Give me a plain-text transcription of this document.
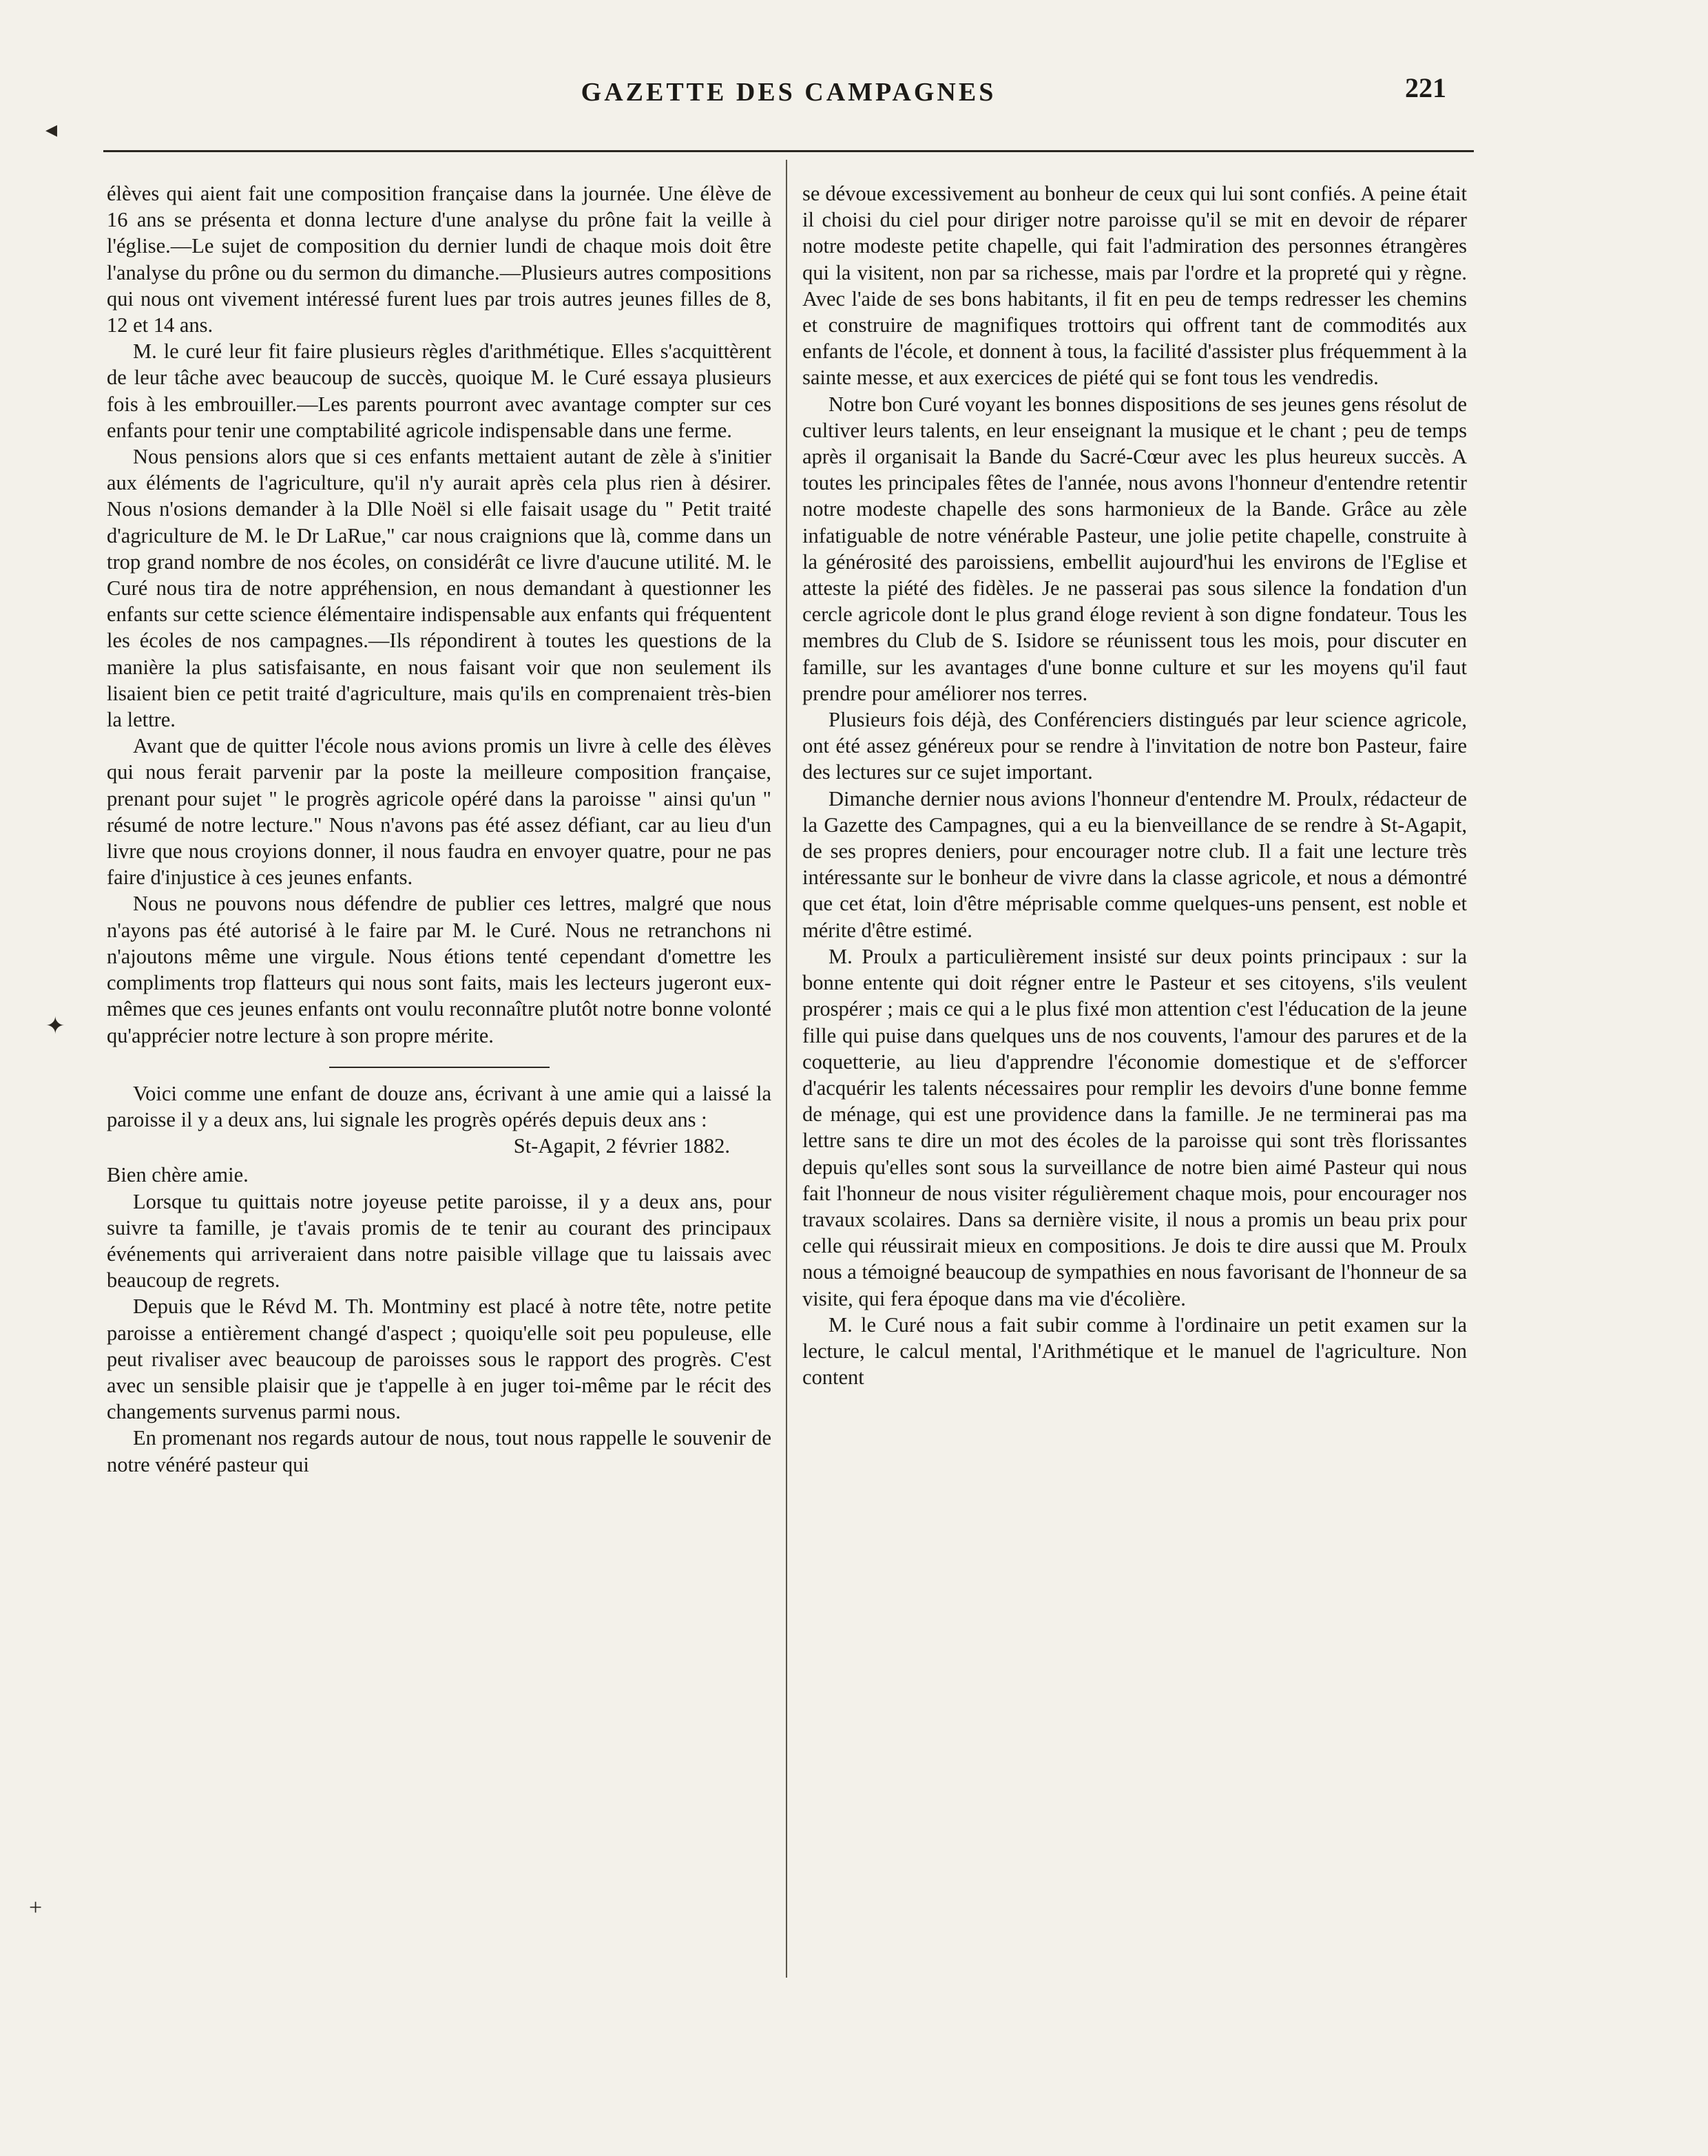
GAZETTE DES CAMPAGNES	221
◂
✦
+

élèves qui aient fait une composition française dans la journée. Une élève de 16 ans se présenta et donna lecture d'une analyse du prône fait la veille à l'église.—Le sujet de composition du dernier lundi de chaque mois doit être l'analyse du prône ou du sermon du dimanche.—Plusieurs autres compositions qui nous ont vivement intéressé furent lues par trois autres jeunes filles de 8, 12 et 14 ans.

M. le curé leur fit faire plusieurs règles d'arithmétique. Elles s'acquittèrent de leur tâche avec beaucoup de succès, quoique M. le Curé essaya plusieurs fois à les embrouiller.—Les parents pourront avec avantage compter sur ces enfants pour tenir une comptabilité agricole indispensable dans une ferme.

Nous pensions alors que si ces enfants mettaient autant de zèle à s'initier aux éléments de l'agriculture, qu'il n'y aurait après cela plus rien à désirer. Nous n'osions demander à la Dlle Noël si elle faisait usage du " Petit traité d'agriculture de M. le Dr LaRue," car nous craignions que là, comme dans un trop grand nombre de nos écoles, on considérât ce livre d'aucune utilité. M. le Curé nous tira de notre appréhension, en nous demandant à questionner les enfants sur cette science élémentaire indispensable aux enfants qui fréquentent les écoles de nos campagnes.—Ils répondirent à toutes les questions de la manière la plus satisfaisante, en nous faisant voir que non seulement ils lisaient bien ce petit traité d'agriculture, mais qu'ils en comprenaient très-bien la lettre.

Avant que de quitter l'école nous avions promis un livre à celle des élèves qui nous ferait parvenir par la poste la meilleure composition française, prenant pour sujet " le progrès agricole opéré dans la paroisse " ainsi qu'un " résumé de notre lecture." Nous n'avons pas été assez défiant, car au lieu d'un livre que nous croyions donner, il nous faudra en envoyer quatre, pour ne pas faire d'injustice à ces jeunes enfants.

Nous ne pouvons nous défendre de publier ces lettres, malgré que nous n'ayons pas été autorisé à le faire par M. le Curé. Nous ne retranchons ni n'ajoutons même une virgule. Nous étions tenté cependant d'omettre les compliments trop flatteurs qui nous sont faits, mais les lecteurs jugeront eux-mêmes que ces jeunes enfants ont voulu reconnaître plutôt notre bonne volonté qu'apprécier notre lecture à son propre mérite.

Voici comme une enfant de douze ans, écrivant à une amie qui a laissé la paroisse il y a deux ans, lui signale les progrès opérés depuis deux ans :

St-Agapit, 2 février 1882.

Bien chère amie.

Lorsque tu quittais notre joyeuse petite paroisse, il y a deux ans, pour suivre ta famille, je t'avais promis de te tenir au courant des principaux événements qui arriveraient dans notre paisible village que tu laissais avec beaucoup de regrets.

Depuis que le Révd M. Th. Montminy est placé à notre tête, notre petite paroisse a entièrement changé d'aspect ; quoiqu'elle soit peu populeuse, elle peut rivaliser avec beaucoup de paroisses sous le rapport des progrès. C'est avec un sensible plaisir que je t'appelle à en juger toi-même par le récit des changements survenus parmi nous.

En promenant nos regards autour de nous, tout nous rappelle le souvenir de notre vénéré pasteur qui

se dévoue excessivement au bonheur de ceux qui lui sont confiés. A peine était il choisi du ciel pour diriger notre paroisse qu'il se mit en devoir de réparer notre modeste petite chapelle, qui fait l'admiration des personnes étrangères qui la visitent, non par sa richesse, mais par l'ordre et la propreté qui y règne. Avec l'aide de ses bons habitants, il fit en peu de temps redresser les chemins et construire de magnifiques trottoirs qui offrent tant de commodités aux enfants de l'école, et donnent à tous, la facilité d'assister plus fréquemment à la sainte messe, et aux exercices de piété qui se font tous les vendredis.

Notre bon Curé voyant les bonnes dispositions de ses jeunes gens résolut de cultiver leurs talents, en leur enseignant la musique et le chant ; peu de temps après il organisait la Bande du Sacré-Cœur avec les plus heureux succès. A toutes les principales fêtes de l'année, nous avons l'honneur d'entendre retentir notre modeste chapelle des sons harmonieux de la Bande. Grâce au zèle infatiguable de notre vénérable Pasteur, une jolie petite chapelle, construite à la générosité des paroissiens, embellit aujourd'hui les environs de l'Eglise et atteste la piété des fidèles. Je ne passerai pas sous silence la fondation d'un cercle agricole dont le plus grand éloge revient à son digne fondateur. Tous les membres du Club de S. Isidore se réunissent tous les mois, pour discuter en famille, sur les avantages d'une bonne culture et sur les moyens qu'il faut prendre pour améliorer nos terres.

Plusieurs fois déjà, des Conférenciers distingués par leur science agricole, ont été assez généreux pour se rendre à l'invitation de notre bon Pasteur, faire des lectures sur ce sujet important.

Dimanche dernier nous avions l'honneur d'entendre M. Proulx, rédacteur de la Gazette des Campagnes, qui a eu la bienveillance de se rendre à St-Agapit, de ses propres deniers, pour encourager notre club. Il a fait une lecture très intéressante sur le bonheur de vivre dans la classe agricole, et nous a démontré que cet état, loin d'être méprisable comme quelques-uns pensent, est noble et mérite d'être estimé.

M. Proulx a particulièrement insisté sur deux points principaux : sur la bonne entente qui doit régner entre le Pasteur et ses citoyens, s'ils veulent prospérer ; mais ce qui a le plus fixé mon attention c'est l'éducation de la jeune fille qui puise dans quelques uns de nos couvents, l'amour des parures et de la coquetterie, au lieu d'apprendre l'économie domestique et de s'efforcer d'acquérir les talents nécessaires pour remplir les devoirs d'une bonne femme de ménage, qui est une providence dans la famille. Je ne terminerai pas ma lettre sans te dire un mot des écoles de la paroisse qui sont très florissantes depuis qu'elles sont sous la surveillance de notre bien aimé Pasteur qui nous fait l'honneur de nous visiter régulièrement chaque mois, pour encourager nos travaux scolaires. Dans sa dernière visite, il nous a promis un beau prix pour celle qui réussirait mieux en compositions. Je dois te dire aussi que M. Proulx nous a témoigné beaucoup de sympathies en nous favorisant de l'honneur de sa visite, qui fera époque dans ma vie d'écolière.

M. le Curé nous a fait subir comme à l'ordinaire un petit examen sur la lecture, le calcul mental, l'Arithmétique et le manuel de l'agriculture. Non content
